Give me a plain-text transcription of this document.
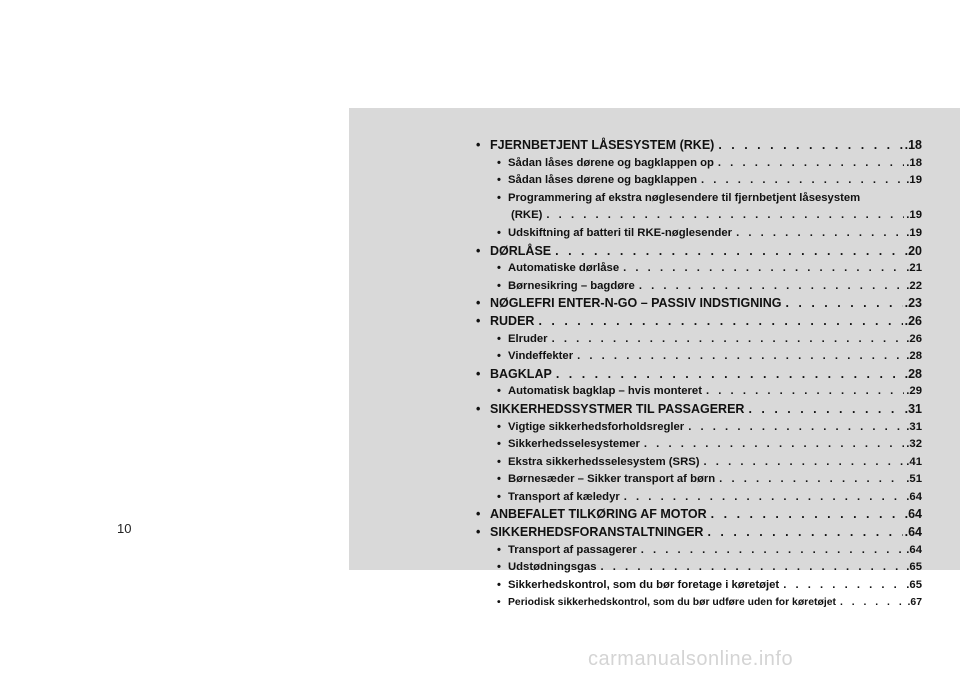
10
• FJERNBETJENT LÅSESYSTEM (RKE) . . .	.18
• Sådan låses dørene og bagklappen op . . .	.18
• Sådan låses dørene og bagklappen . . .	.19
• Programmering af ekstra nøglesendere til fjernbetjent låsesystem
(RKE) . . .	.19
• Udskiftning af batteri til RKE-nøglesender . . .	.19
• DØRLÅSE . . .	.20
• Automatiske dørlåse . . .	.21
• Børnesikring – bagdøre . . .	.22
• NØGLEFRI ENTER-N-GO – PASSIV INDSTIGNING . . .	.23
• RUDER . . .	.26
• Elruder . . .	.26
• Vindeffekter . . .	.28
• BAGKLAP . . .	.28
• Automatisk bagklap – hvis monteret . . .	.29
• SIKKERHEDSSYSTMER TIL PASSAGERER . . .	.31
• Vigtige sikkerhedsforholdsregler . . .	.31
• Sikkerhedsselesystemer . . .	.32
• Ekstra sikkerhedsselesystem (SRS) . . .	.41
• Børnesæder – Sikker transport af børn . . .	.51
• Transport af kæledyr . . .	.64
• ANBEFALET TILKØRING AF MOTOR . . .	.64
• SIKKERHEDSFORANSTALTNINGER . . .	.64
• Transport af passagerer . . .	.64
• Udstødningsgas . . .	.65
• Sikkerhedskontrol, som du bør foretage i køretøjet . . .	.65
• Periodisk sikkerhedskontrol, som du bør udføre uden for køretøjet . . .	.67
carmanualsonline.info
